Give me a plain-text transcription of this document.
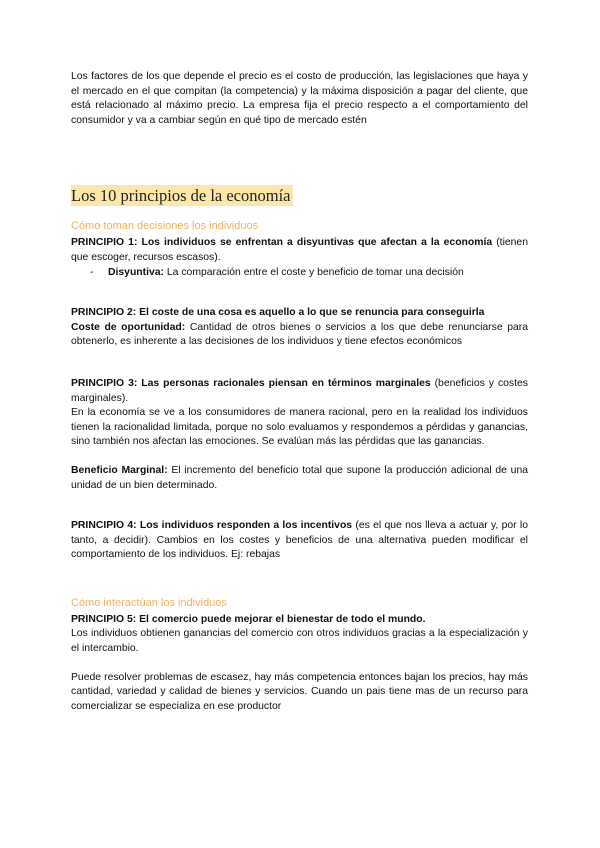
Los factores de los que depende el precio es el costo de producción, las legislaciones que haya y el mercado en el que compitan (la competencia) y la máxima disposición a pagar del cliente, que está relacionado al máximo precio. La empresa fija el precio respecto a el comportamiento del consumidor y va a cambiar según en qué tipo de mercado estén

Los 10 principios de la economía
Cómo toman decisiones los individuos

PRINCIPIO 1: Los individuos se enfrentan a disyuntivas que afectan a la economía (tienen que escoger, recursos escasos).

- Disyuntiva: La comparación entre el coste y beneficio de tomar una decisión

PRINCIPIO 2: El coste de una cosa es aquello a lo que se renuncia para conseguirla

Coste de oportunidad: Cantidad de otros bienes o servicios a los que debe renunciarse para obtenerlo, es inherente a las decisiones de los individuos y tiene efectos económicos

PRINCIPIO 3: Las personas racionales piensan en términos marginales (beneficios y costes marginales).

En la economía se ve a los consumidores de manera racional, pero en la realidad los individuos tienen la racionalidad limitada, porque no solo evaluamos y respondemos a pérdidas y ganancias, sino también nos afectan las emociones. Se evalúan más las pérdidas que las ganancias.

Beneficio Marginal: El incremento del beneficio total que supone la producción adicional de una unidad de un bien determinado.

PRINCIPIO 4: Los individuos responden a los incentivos (es el que nos lleva a actuar y, por lo tanto, a decidir). Cambios en los costes y beneficios de una alternativa pueden modificar el comportamiento de los individuos. Ej: rebajas

Cómo interactúan los individuos

PRINCIPIO 5: El comercio puede mejorar el bienestar de todo el mundo.

Los individuos obtienen ganancias del comercio con otros individuos gracias a la especialización y el intercambio.

Puede resolver problemas de escasez, hay más competencia entonces bajan los precios, hay más cantidad, variedad y calidad de bienes y servicios. Cuando un pais tiene mas de un recurso para comercializar se especializa en ese productor
